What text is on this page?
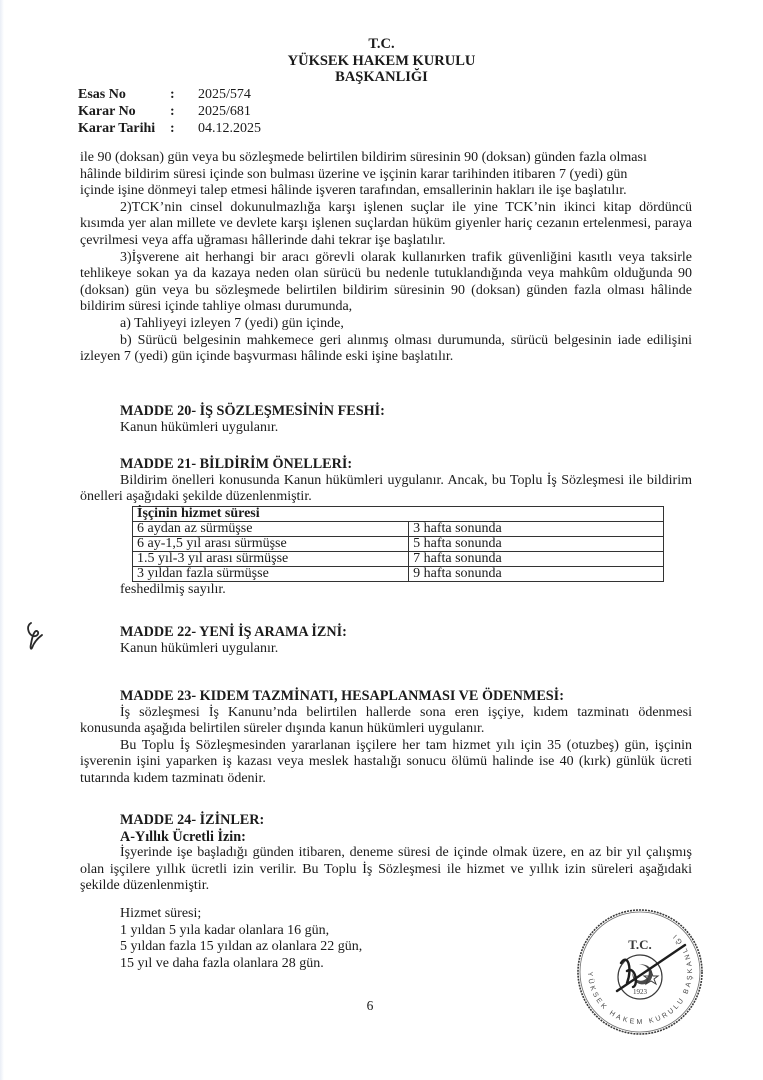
T.C.
YÜKSEK HAKEM KURULU
BAŞKANLIĞI
Esas No	:	2025/574
Karar No	:	2025/681
Karar Tarihi	:	04.12.2025

ile 90 (doksan) gün veya bu sözleşmede belirtilen bildirim süresinin 90 (doksan) günden fazla olması

hâlinde bildirim süresi içinde son bulması üzerine ve işçinin karar tarihinden itibaren 7 (yedi) gün

içinde işine dönmeyi talep etmesi hâlinde işveren tarafından, emsallerinin hakları ile işe başlatılır.

2)TCK’nin cinsel dokunulmazlığa karşı işlenen suçlar ile yine TCK’nin ikinci kitap dördüncü kısımda yer alan millete ve devlete karşı işlenen suçlardan hüküm giyenler hariç cezanın ertelenmesi, paraya çevrilmesi veya affa uğraması hâllerinde dahi tekrar işe başlatılır.

3)İşverene ait herhangi bir aracı görevli olarak kullanırken trafik güvenliğini kasıtlı veya taksirle tehlikeye sokan ya da kazaya neden olan sürücü bu nedenle tutuklandığında veya mahkûm olduğunda 90 (doksan) gün veya bu sözleşmede belirtilen bildirim süresinin 90 (doksan) günden fazla olması hâlinde bildirim süresi içinde tahliye olması durumunda,

a) Tahliyeyi izleyen 7 (yedi) gün içinde,

b) Sürücü belgesinin mahkemece geri alınmış olması durumunda, sürücü belgesinin iade edilişini izleyen 7 (yedi) gün içinde başvurması hâlinde eski işine başlatılır.

MADDE 20- İŞ SÖZLEŞMESİNİN FESHİ:

Kanun hükümleri uygulanır.

MADDE 21- BİLDİRİM ÖNELLERİ:

Bildirim önelleri konusunda Kanun hükümleri uygulanır. Ancak, bu Toplu İş Sözleşmesi ile bildirim önelleri aşağıdaki şekilde düzenlenmiştir.

İşçinin hizmet süresi	
6 aydan az sürmüşse	3 hafta sonunda
6 ay-1,5 yıl arası sürmüşse	5 hafta sonunda
1.5 yıl-3 yıl arası sürmüşse	7 hafta sonunda
3 yıldan fazla sürmüşse	9 hafta sonunda

feshedilmiş sayılır.

MADDE 22- YENİ İŞ ARAMA İZNİ:

Kanun hükümleri uygulanır.

MADDE 23- KIDEM TAZMİNATI, HESAPLANMASI VE ÖDENMESİ:

İş sözleşmesi İş Kanunu’nda belirtilen hallerde sona eren işçiye, kıdem tazminatı ödenmesi konusunda aşağıda belirtilen süreler dışında kanun hükümleri uygulanır.

Bu Toplu İş Sözleşmesinden yararlanan işçilere her tam hizmet yılı için 35 (otuzbeş) gün, işçinin işverenin işini yaparken iş kazası veya meslek hastalığı sonucu ölümü halinde ise 40 (kırk) günlük ücreti tutarında kıdem tazminatı ödenir.

MADDE 24- İZİNLER:
A-Yıllık Ücretli İzin:

İşyerinde işe başladığı günden itibaren, deneme süresi de içinde olmak üzere, en az bir yıl çalışmış olan işçilere yıllık ücretli izin verilir. Bu Toplu İş Sözleşmesi ile hizmet ve yıllık izin süreleri aşağıdaki şekilde düzenlenmiştir.

Hizmet süresi;

1 yıldan 5 yıla kadar olanlara 16 gün,

5 yıldan fazla 15 yıldan az olanlara 22 gün,

15 yıl ve daha fazla olanlara 28 gün.

6
YÜKSEK HAKEM KURULU BAŞKANLIĞI
T.C.
1923
